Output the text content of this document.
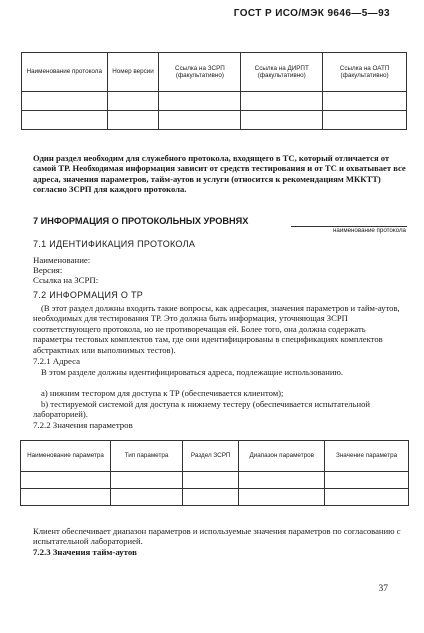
ГОСТ Р ИСО/МЭК 9646—5—93
Наименование протокола	Номер версии	Ссылка на ЗСРП (факультативно)	Ссылка на ДИРПТ (факультативно)	Ссылка на ОАТП (факультативно)

Один раздел необходим для служебного протокола, входящего в ТС, который отличается от самой ТР. Необходимая информация зависит от средств тестирования и от ТС и охватывает все адреса, значения параметров, тайм-аутов и услуги (относится к рекомендациям МККТТ) согласно ЗСРП для каждого протокола.
7 ИНФОРМАЦИЯ О ПРОТОКОЛЬНЫХ УРОВНЯХ
наименование протокола
7.1 ИДЕНТИФИКАЦИЯ ПРОТОКОЛА
Наименование:
Версия:
Ссылка на ЗСРП:
7.2 ИНФОРМАЦИЯ О ТР
(В этот раздел должны входить такие вопросы, как адресация, значения параметров и тайм-аутов, необходимых для тестирования ТР. Это должна быть информация, уточняющая ЗСРП соответствующего протокола, но не противоречащая ей. Более того, она должна содержать параметры тестовых комплектов там, где они идентифицированы в спецификациях комплектов абстрактных или выполнимых тестов).
7.2.1 Адреса
В этом разделе должны идентифицироваться адреса, подлежащие использованию.
а) нижним тестором для доступа к ТР (обеспечивается клиентом);
b) тестируемой системой для доступа к нижнему тестеру (обеспечивается испытательной лабораторией).
7.2.2 Значения параметров
Наименование параметра	Тип параметра	Раздел ЗСРП	Диапазон параметров	Значение параметра

Клиент обеспечивает диапазон параметров и используемые значения параметров по согласованию с испытательной лабораторией.
7.2.3 Значения тайм-аутов
37
